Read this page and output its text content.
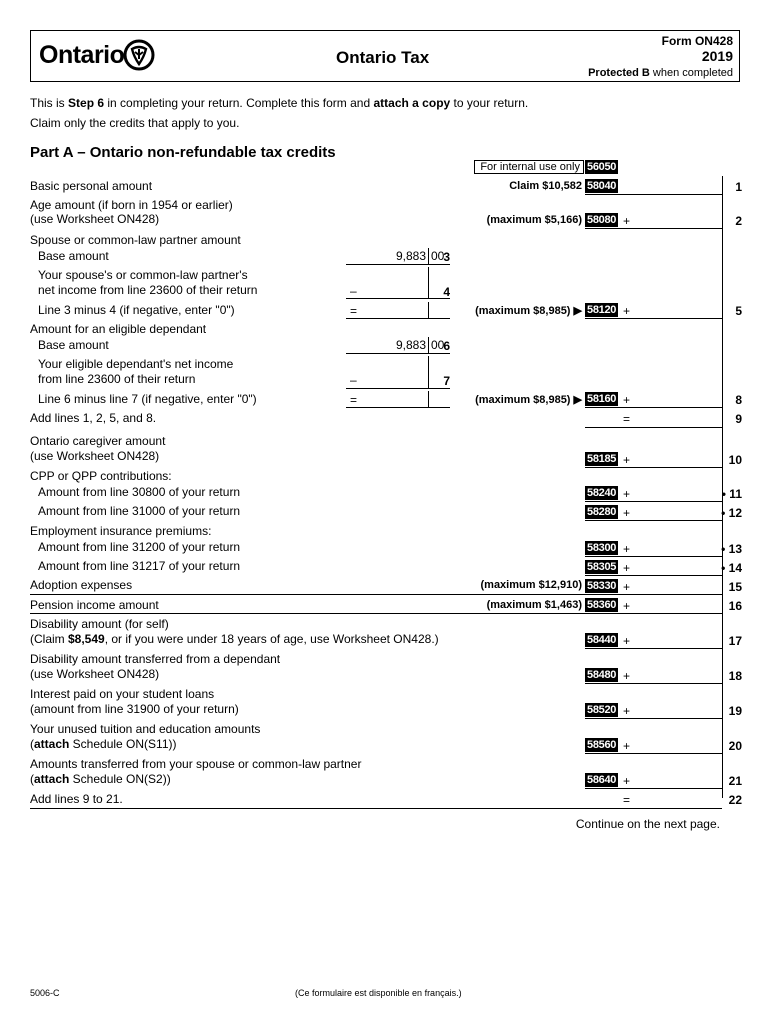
Ontario	Ontario Tax
Form ON428
2019
Protected B when completed
This is Step 6 in completing your return. Complete this form and attach a copy to your return.
Claim only the credits that apply to you.
Part A – Ontario non-refundable tax credits
For internal use only 56050
Basic personal amount	Claim $10,582 58040	1
Age amount (if born in 1954 or earlier)
(use Worksheet ON428)	(maximum $5,166) 58080 +	2
Spouse or common-law partner amount
Base amount	9,883 00
3
Your spouse's or common-law partner's
net income from line 23600 of their return	–	4
Line 3 minus 4 (if negative, enter "0")	=	(maximum $8,985) ▶ 58120 +	5
Amount for an eligible dependant
Base amount	9,883 00
6
Your eligible dependant's net income
from line 23600 of their return	–	7
Line 6 minus line 7 (if negative, enter "0")	=	(maximum $8,985) ▶ 58160 +	8
Add lines 1, 2, 5, and 8.	=	9
Ontario caregiver amount
(use Worksheet ON428)	58185 +	10
CPP or QPP contributions:
Amount from line 30800 of your return	58240 +	• 11
Amount from line 31000 of your return	58280 +	• 12
Employment insurance premiums:
Amount from line 31200 of your return	58300 +	• 13
Amount from line 31217 of your return	58305 +	• 14
Adoption expenses	(maximum $12,910) 58330 +	15
Pension income amount	(maximum $1,463) 58360 +	16
Disability amount (for self)
(Claim $8,549, or if you were under 18 years of age, use Worksheet ON428.)	58440 +	17
Disability amount transferred from a dependant
(use Worksheet ON428)	58480 +	18
Interest paid on your student loans
(amount from line 31900 of your return)	58520 +	19
Your unused tuition and education amounts
(attach Schedule ON(S11))	58560 +	20
Amounts transferred from your spouse or common-law partner
(attach Schedule ON(S2))	58640 +	21
Add lines 9 to 21.	=	22
Continue on the next page.
5006-C	(Ce formulaire est disponible en français.)
